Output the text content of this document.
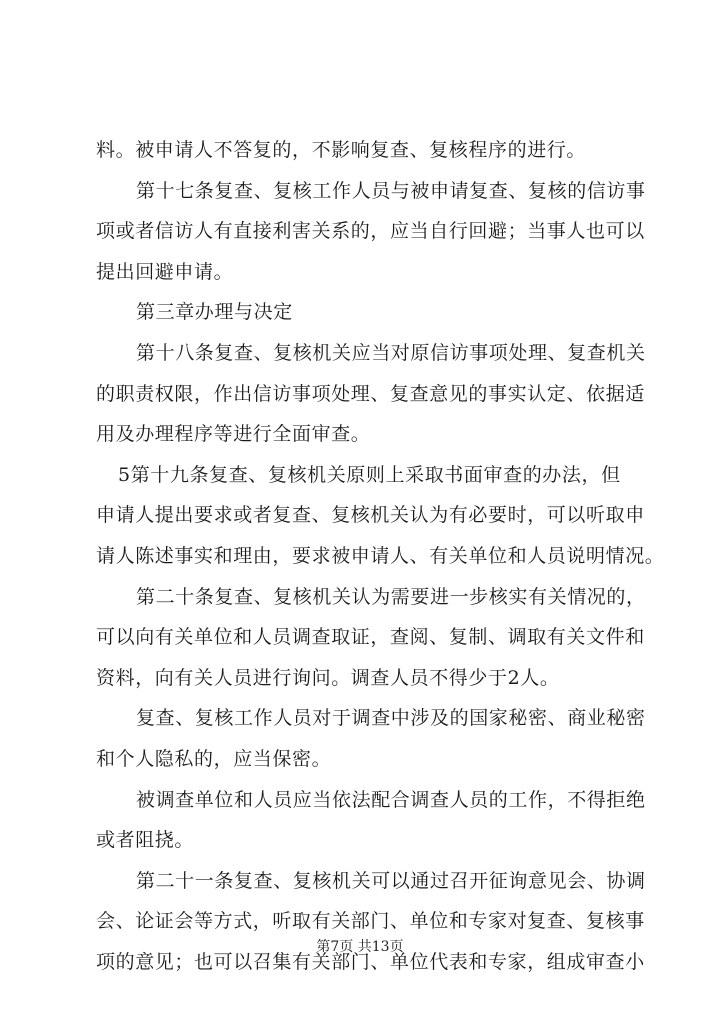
料。被申请人不答复的，不影响复查、复核程序的进行。
第十七条复查、复核工作人员与被申请复查、复核的信访事
项或者信访人有直接利害关系的，应当自行回避；当事人也可以
提出回避申请。
第三章办理与决定
第十八条复查、复核机关应当对原信访事项处理、复查机关
的职责权限，作出信访事项处理、复查意见的事实认定、依据适
用及办理程序等进行全面审查。
5第十九条复查、复核机关原则上采取书面审查的办法，但
申请人提出要求或者复查、复核机关认为有必要时，可以听取申
请人陈述事实和理由，要求被申请人、有关单位和人员说明情况。
第二十条复查、复核机关认为需要进一步核实有关情况的，
可以向有关单位和人员调查取证，查阅、复制、调取有关文件和
资料，向有关人员进行询问。调查人员不得少于2人。
复查、复核工作人员对于调查中涉及的国家秘密、商业秘密
和个人隐私的，应当保密。
被调查单位和人员应当依法配合调查人员的工作，不得拒绝
或者阻挠。
第二十一条复查、复核机关可以通过召开征询意见会、协调
会、论证会等方式，听取有关部门、单位和专家对复查、复核事
项的意见；也可以召集有关部门、单位代表和专家，组成审查小
第7页 共13页
